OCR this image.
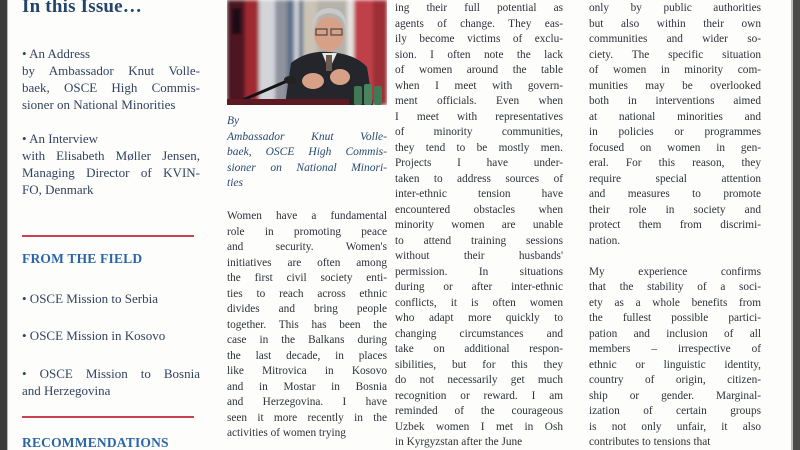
In this Issue…
• An Address
by Ambassador Knut Volle-
baek, OSCE High Commis-
sioner on National Minorities
• An Interview
with Elisabeth Møller Jensen,
Managing Director of KVIN-
FO, Denmark
FROM THE FIELD
• OSCE Mission to Serbia
• OSCE Mission in Kosovo
• OSCE Mission to Bosnia
and Herzegovina
RECOMMENDATIONS
By
Ambassador Knut Volle-
baek, OSCE High Commis-
sioner on National Minori-
ties
Women have a fundamental
role in promoting peace
and security. Women's
initiatives are often among
the first civil society enti-
ties to reach across ethnic
divides and bring people
together. This has been the
case in the Balkans during
the last decade, in places
like Mitrovica in Kosovo
and in Mostar in Bosnia
and Herzegovina. I have
seen it more recently in the
activities of women trying
ing their full potential as
agents of change. They eas-
ily become victims of exclu-
sion. I often note the lack
of women around the table
when I meet with govern-
ment officials. Even when
I meet with representatives
of minority communities,
they tend to be mostly men.
Projects I have under-
taken to address sources of
inter-ethnic tension have
encountered obstacles when
minority women are unable
to attend training sessions
without their husbands'
permission. In situations
during or after inter-ethnic
conflicts, it is often women
who adapt more quickly to
changing circumstances and
take on additional respon-
sibilities, but for this they
do not necessarily get much
recognition or reward. I am
reminded of the courageous
Uzbek women I met in Osh
in Kyrgyzstan after the June
only by public authorities
but also within their own
communities and wider so-
ciety. The specific situation
of women in minority com-
munities may be overlooked
both in interventions aimed
at national minorities and
in policies or programmes
focused on women in gen-
eral. For this reason, they
require special attention
and measures to promote
their role in society and
protect them from discrimi-
nation.
My experience confirms
that the stability of a soci-
ety as a whole benefits from
the fullest possible partici-
pation and inclusion of all
members – irrespective of
ethnic or linguistic identity,
country of origin, citizen-
ship or gender. Marginal-
ization of certain groups
is not only unfair, it also
contributes to tensions that
